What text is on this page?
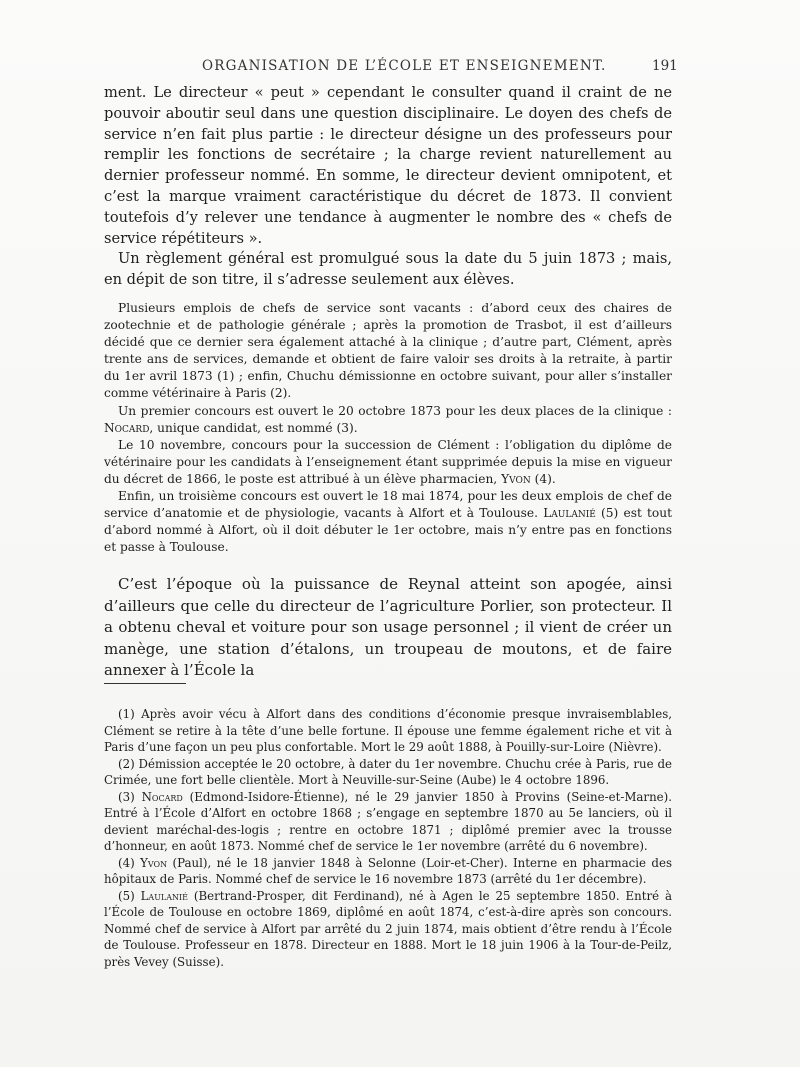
ORGANISATION DE L’ÉCOLE ET ENSEIGNEMENT.	191

ment. Le directeur « peut » cependant le consulter quand il craint de ne pouvoir aboutir seul dans une question disciplinaire. Le doyen des chefs de service n’en fait plus partie : le directeur désigne un des professeurs pour remplir les fonctions de secrétaire ; la charge revient naturellement au dernier professeur nommé. En somme, le directeur devient omnipotent, et c’est la marque vraiment caractéristique du décret de 1873. Il convient toutefois d’y relever une tendance à augmenter le nombre des « chefs de service répétiteurs ».

Un règlement général est promulgué sous la date du 5 juin 1873 ; mais, en dépit de son titre, il s’adresse seulement aux élèves.

Plusieurs emplois de chefs de service sont vacants : d’abord ceux des chaires de zootechnie et de pathologie générale ; après la promotion de Trasbot, il est d’ailleurs décidé que ce dernier sera également attaché à la clinique ; d’autre part, Clément, après trente ans de services, demande et obtient de faire valoir ses droits à la retraite, à partir du 1er avril 1873 (1) ; enfin, Chuchu démissionne en octobre suivant, pour aller s’installer comme vétérinaire à Paris (2).

Un premier concours est ouvert le 20 octobre 1873 pour les deux places de la clinique : Nocard, unique candidat, est nommé (3).

Le 10 novembre, concours pour la succession de Clément : l’obligation du diplôme de vétérinaire pour les candidats à l’enseignement étant supprimée depuis la mise en vigueur du décret de 1866, le poste est attribué à un élève pharmacien, Yvon (4).

Enfin, un troisième concours est ouvert le 18 mai 1874, pour les deux emplois de chef de service d’anatomie et de physiologie, vacants à Alfort et à Toulouse. Laulanié (5) est tout d’abord nommé à Alfort, où il doit débuter le 1er octobre, mais n’y entre pas en fonctions et passe à Toulouse.

C’est l’époque où la puissance de Reynal atteint son apogée, ainsi d’ailleurs que celle du directeur de l’agriculture Porlier, son protecteur. Il a obtenu cheval et voiture pour son usage personnel ; il vient de créer un manège, une station d’étalons, un troupeau de moutons, et de faire annexer à l’École la

(1) Après avoir vécu à Alfort dans des conditions d’économie presque invraisemblables, Clément se retire à la tête d’une belle fortune. Il épouse une femme également riche et vit à Paris d’une façon un peu plus confortable. Mort le 29 août 1888, à Pouilly-sur-Loire (Nièvre).

(2) Démission acceptée le 20 octobre, à dater du 1er novembre. Chuchu crée à Paris, rue de Crimée, une fort belle clientèle. Mort à Neuville-sur-Seine (Aube) le 4 octobre 1896.

(3) Nocard (Edmond-Isidore-Étienne), né le 29 janvier 1850 à Provins (Seine-et-Marne). Entré à l’École d’Alfort en octobre 1868 ; s’engage en septembre 1870 au 5e lanciers, où il devient maréchal-des-logis ; rentre en octobre 1871 ; diplômé premier avec la trousse d’honneur, en août 1873. Nommé chef de service le 1er novembre (arrêté du 6 novembre).

(4) Yvon (Paul), né le 18 janvier 1848 à Selonne (Loir-et-Cher). Interne en pharmacie des hôpitaux de Paris. Nommé chef de service le 16 novembre 1873 (arrêté du 1er décembre).

(5) Laulanié (Bertrand-Prosper, dit Ferdinand), né à Agen le 25 septembre 1850. Entré à l’École de Toulouse en octobre 1869, diplômé en août 1874, c’est-à-dire après son concours. Nommé chef de service à Alfort par arrêté du 2 juin 1874, mais obtient d’être rendu à l’École de Toulouse. Professeur en 1878. Directeur en 1888. Mort le 18 juin 1906 à la Tour-de-Peilz, près Vevey (Suisse).
